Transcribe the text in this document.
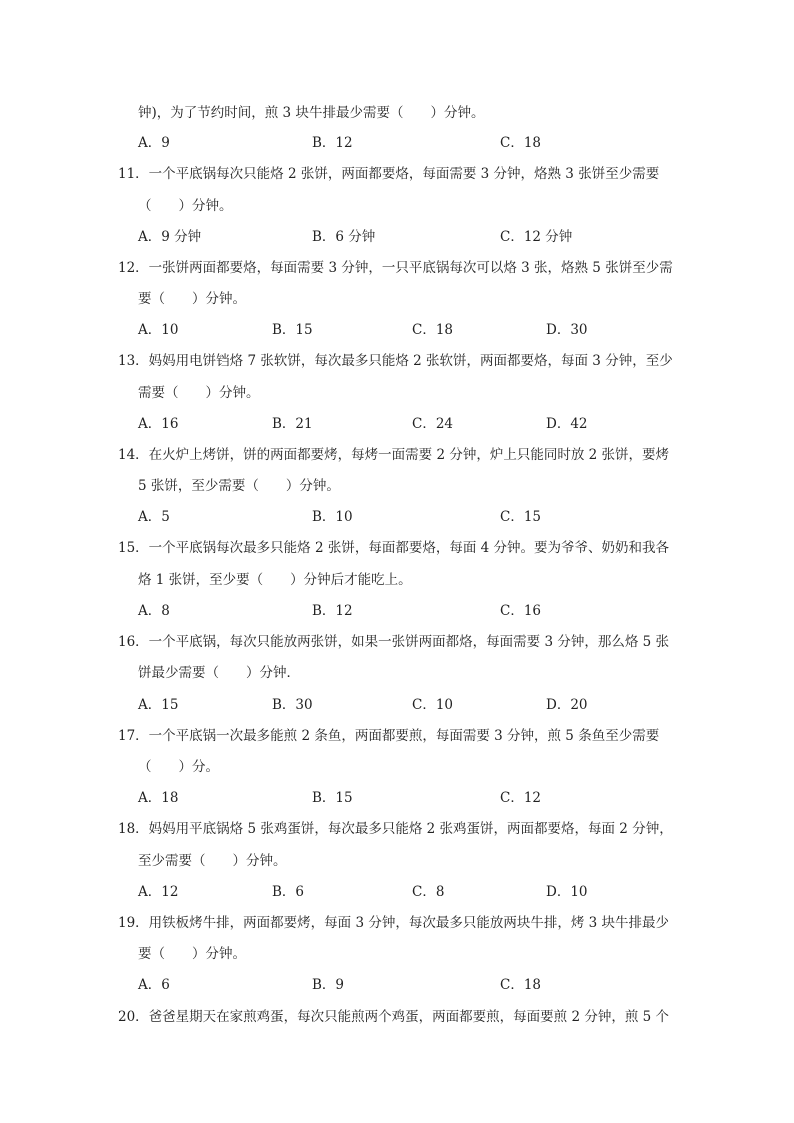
钟)，为了节约时间，煎 3 块牛排最少需要（　　）分钟。
A．9	B．12	C．18
11．一个平底锅每次只能烙 2 张饼，两面都要烙，每面需要 3 分钟，烙熟 3 张饼至少需要
（　　）分钟。
A．9 分钟	B．6 分钟	C．12 分钟
12．一张饼两面都要烙，每面需要 3 分钟，一只平底锅每次可以烙 3 张，烙熟 5 张饼至少需
要（　　）分钟。
A．10	B．15	C．18	D．30
13．妈妈用电饼铛烙 7 张软饼，每次最多只能烙 2 张软饼，两面都要烙，每面 3 分钟，至少
需要（　　）分钟。
A．16	B．21	C．24	D．42
14．在火炉上烤饼，饼的两面都要烤，每烤一面需要 2 分钟，炉上只能同时放 2 张饼，要烤
5 张饼，至少需要（　　）分钟。
A．5	B．10	C．15
15．一个平底锅每次最多只能烙 2 张饼，每面都要烙，每面 4 分钟。要为爷爷、奶奶和我各
烙 1 张饼，至少要（　　）分钟后才能吃上。
A．8	B．12	C．16
16．一个平底锅，每次只能放两张饼，如果一张饼两面都烙，每面需要 3 分钟，那么烙 5 张
饼最少需要（　　）分钟．
A．15	B．30	C．10	D．20
17．一个平底锅一次最多能煎 2 条鱼，两面都要煎，每面需要 3 分钟，煎 5 条鱼至少需要
（　　）分。
A．18	B．15	C．12
18．妈妈用平底锅烙 5 张鸡蛋饼，每次最多只能烙 2 张鸡蛋饼，两面都要烙，每面 2 分钟，
至少需要（　　）分钟。
A．12	B．6	C．8	D．10
19．用铁板烤牛排，两面都要烤，每面 3 分钟，每次最多只能放两块牛排，烤 3 块牛排最少
要（　　）分钟。
A．6	B．9	C．18
20．爸爸星期天在家煎鸡蛋，每次只能煎两个鸡蛋，两面都要煎，每面要煎 2 分钟，煎 5 个
